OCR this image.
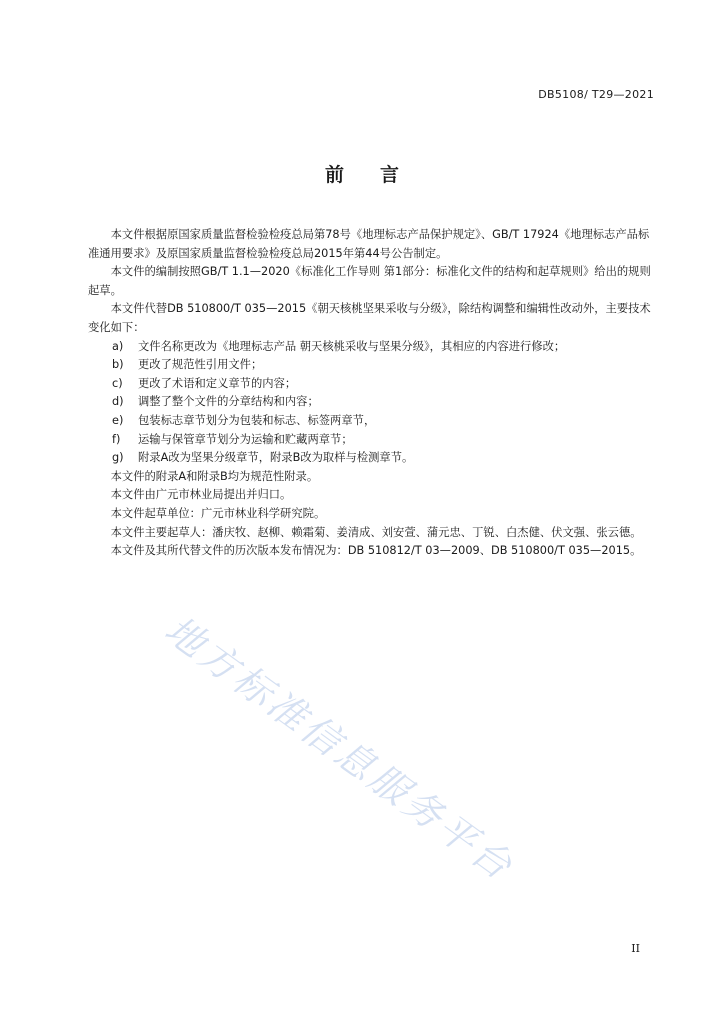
DB5108/ T29—2021
前言

本文件根据原国家质量监督检验检疫总局第78号《地理标志产品保护规定》、GB/T 17924《地理标志产品标准通用要求》及原国家质量监督检验检疫总局2015年第44号公告制定。

本文件的编制按照GB/T 1.1—2020《标准化工作导则 第1部分：标准化文件的结构和起草规则》给出的规则起草。

本文件代替DB 510800/T 035—2015《朝天核桃坚果采收与分级》，除结构调整和编辑性改动外，主要技术变化如下：

a)	文件名称更改为《地理标志产品 朝天核桃采收与坚果分级》，其相应的内容进行修改；
b)	更改了规范性引用文件；
c)	更改了术语和定义章节的内容；
d)	调整了整个文件的分章结构和内容；
e)	包装标志章节划分为包装和标志、标签两章节，
f)	运输与保管章节划分为运输和贮藏两章节；
g)	附录A改为坚果分级章节，附录B改为取样与检测章节。

本文件的附录A和附录B均为规范性附录。

本文件由广元市林业局提出并归口。

本文件起草单位：广元市林业科学研究院。

本文件主要起草人：潘庆牧、赵柳、赖霜菊、姜清成、刘安萱、蒲元忠、丁锐、白杰健、伏文强、张云德。

本文件及其所代替文件的历次版本发布情况为：DB 510812/T 03—2009、DB 510800/T 035—2015。

地方标准信息服务平台
II
